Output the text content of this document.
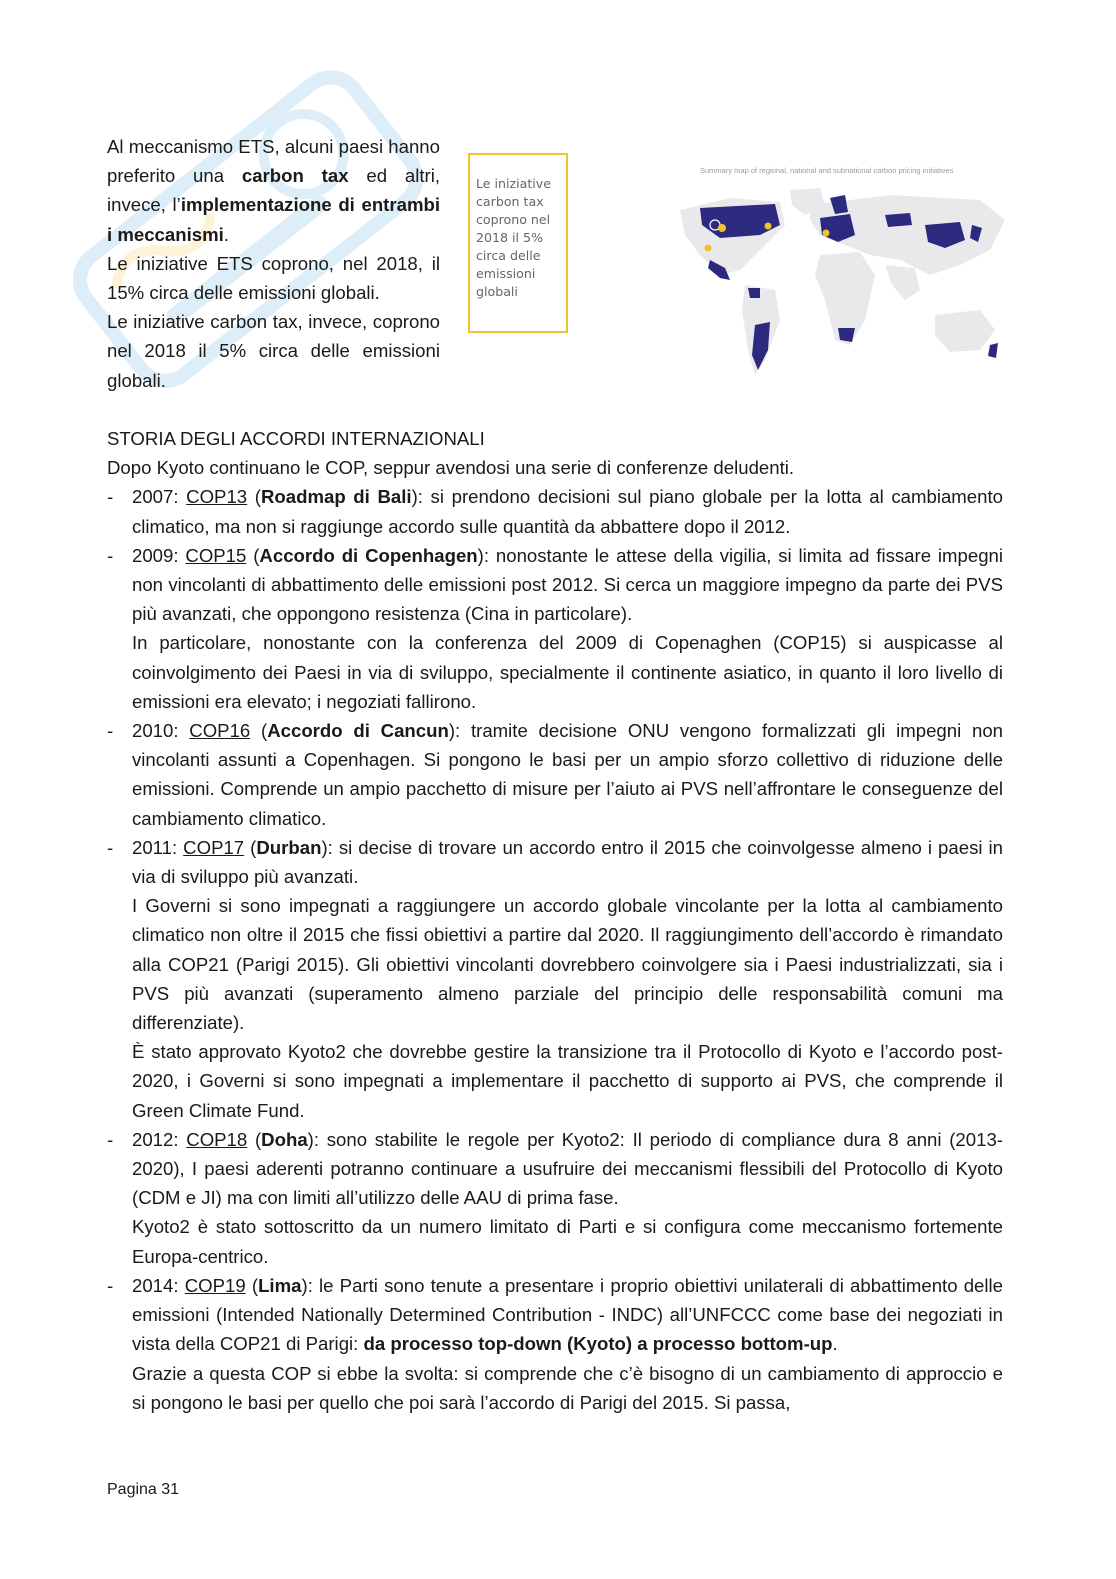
Al meccanismo ETS, alcuni paesi hanno preferito una carbon tax ed altri, invece, l’implementazione di entrambi i meccanismi.

Le iniziative ETS coprono, nel 2018, il 15% circa delle emissioni globali.

Le iniziative carbon tax, invece, coprono nel 2018 il 5% circa delle emissioni globali.

Le iniziative carbon tax coprono nel 2018 il 5% circa delle emissioni globali
Summary map of regional, national and subnational carbon pricing initiatives

STORIA DEGLI ACCORDI INTERNAZIONALI

Dopo Kyoto continuano le COP, seppur avendosi una serie di conferenze deludenti.

- 2007: COP13 (Roadmap di Bali): si prendono decisioni sul piano globale per la lotta al cambiamento climatico, ma non si raggiunge accordo sulle quantità da abbattere dopo il 2012.

- 2009: COP15 (Accordo di Copenhagen): nonostante le attese della vigilia, si limita ad fissare impegni non vincolanti di abbattimento delle emissioni post 2012. Si cerca un maggiore impegno da parte dei PVS più avanzati, che oppongono resistenza (Cina in particolare).

In particolare, nonostante con la conferenza del 2009 di Copenaghen (COP15) si auspicasse al coinvolgimento dei Paesi in via di sviluppo, specialmente il continente asiatico, in quanto il loro livello di emissioni era elevato; i negoziati fallirono.

- 2010: COP16 (Accordo di Cancun): tramite decisione ONU vengono formalizzati gli impegni non vincolanti assunti a Copenhagen. Si pongono le basi per un ampio sforzo collettivo di riduzione delle emissioni. Comprende un ampio pacchetto di misure per l’aiuto ai PVS nell’affrontare le conseguenze del cambiamento climatico.

- 2011: COP17 (Durban): si decise di trovare un accordo entro il 2015 che coinvolgesse almeno i paesi in via di sviluppo più avanzati.

I Governi si sono impegnati a raggiungere un accordo globale vincolante per la lotta al cambiamento climatico non oltre il 2015 che fissi obiettivi a partire dal 2020. Il raggiungimento dell’accordo è rimandato alla COP21 (Parigi 2015). Gli obiettivi vincolanti dovrebbero coinvolgere sia i Paesi industrializzati, sia i PVS più avanzati (superamento almeno parziale del principio delle responsabilità comuni ma differenziate).

È stato approvato Kyoto2 che dovrebbe gestire la transizione tra il Protocollo di Kyoto e l’accordo post-2020, i Governi si sono impegnati a implementare il pacchetto di supporto ai PVS, che comprende il Green Climate Fund.

- 2012: COP18 (Doha): sono stabilite le regole per Kyoto2: Il periodo di compliance dura 8 anni (2013-2020), I paesi aderenti potranno continuare a usufruire dei meccanismi flessibili del Protocollo di Kyoto (CDM e JI) ma con limiti all’utilizzo delle AAU di prima fase.

Kyoto2 è stato sottoscritto da un numero limitato di Parti e si configura come meccanismo fortemente Europa-centrico.

- 2014: COP19 (Lima): le Parti sono tenute a presentare i proprio obiettivi unilaterali di abbattimento delle emissioni (Intended Nationally Determined Contribution - INDC) all’UNFCCC come base dei negoziati in vista della COP21 di Parigi: da processo top-down (Kyoto) a processo bottom-up.

Grazie a questa COP si ebbe la svolta: si comprende che c’è bisogno di un cambiamento di approccio e si pongono le basi per quello che poi sarà l’accordo di Parigi del 2015. Si passa,

Pagina 31
